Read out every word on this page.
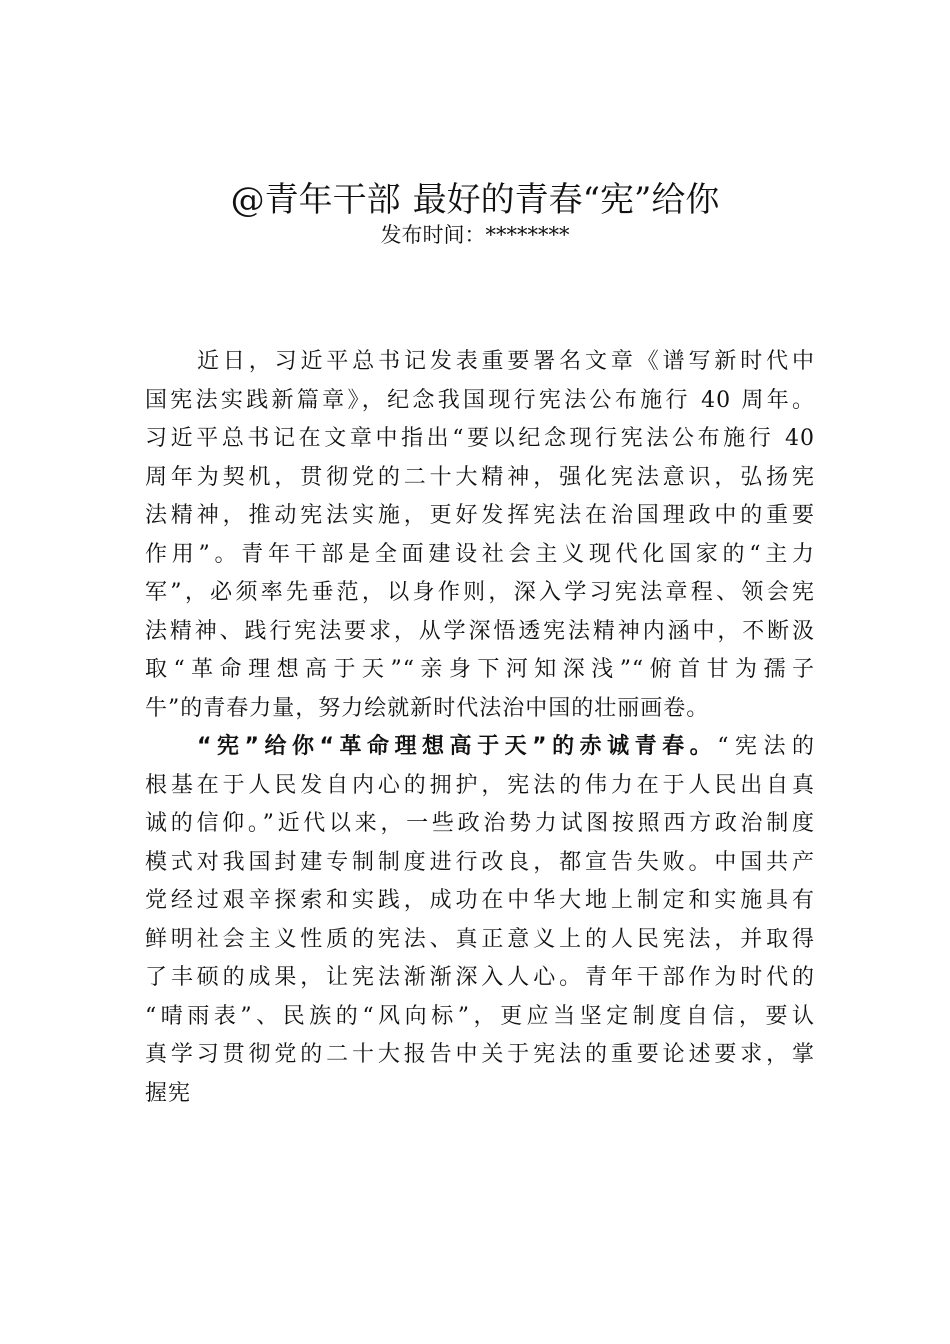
@青年干部 最好的青春“宪”给你
发布时间：********
近日，习近平总书记发表重要署名文章《谱写新时代中
国宪法实践新篇章》，纪念我国现行宪法公布施行 40 周年。
习近平总书记在文章中指出“要以纪念现行宪法公布施行 40
周年为契机，贯彻党的二十大精神，强化宪法意识，弘扬宪
法精神，推动宪法实施，更好发挥宪法在治国理政中的重要
作用”。青年干部是全面建设社会主义现代化国家的“主力
军”，必须率先垂范，以身作则，深入学习宪法章程、领会宪
法精神、践行宪法要求，从学深悟透宪法精神内涵中，不断汲
取“革命理想高于天”“亲身下河知深浅”“俯首甘为孺子
牛”的青春力量，努力绘就新时代法治中国的壮丽画卷。
“宪”给你“革命理想高于天”的赤诚青春。“宪法的
根基在于人民发自内心的拥护，宪法的伟力在于人民出自真
诚的信仰。”近代以来，一些政治势力试图按照西方政治制度
模式对我国封建专制制度进行改良，都宣告失败。中国共产
党经过艰辛探索和实践，成功在中华大地上制定和实施具有
鲜明社会主义性质的宪法、真正意义上的人民宪法，并取得
了丰硕的成果，让宪法渐渐深入人心。青年干部作为时代的
“晴雨表”、民族的“风向标”，更应当坚定制度自信，要认
真学习贯彻党的二十大报告中关于宪法的重要论述要求，掌
握宪
